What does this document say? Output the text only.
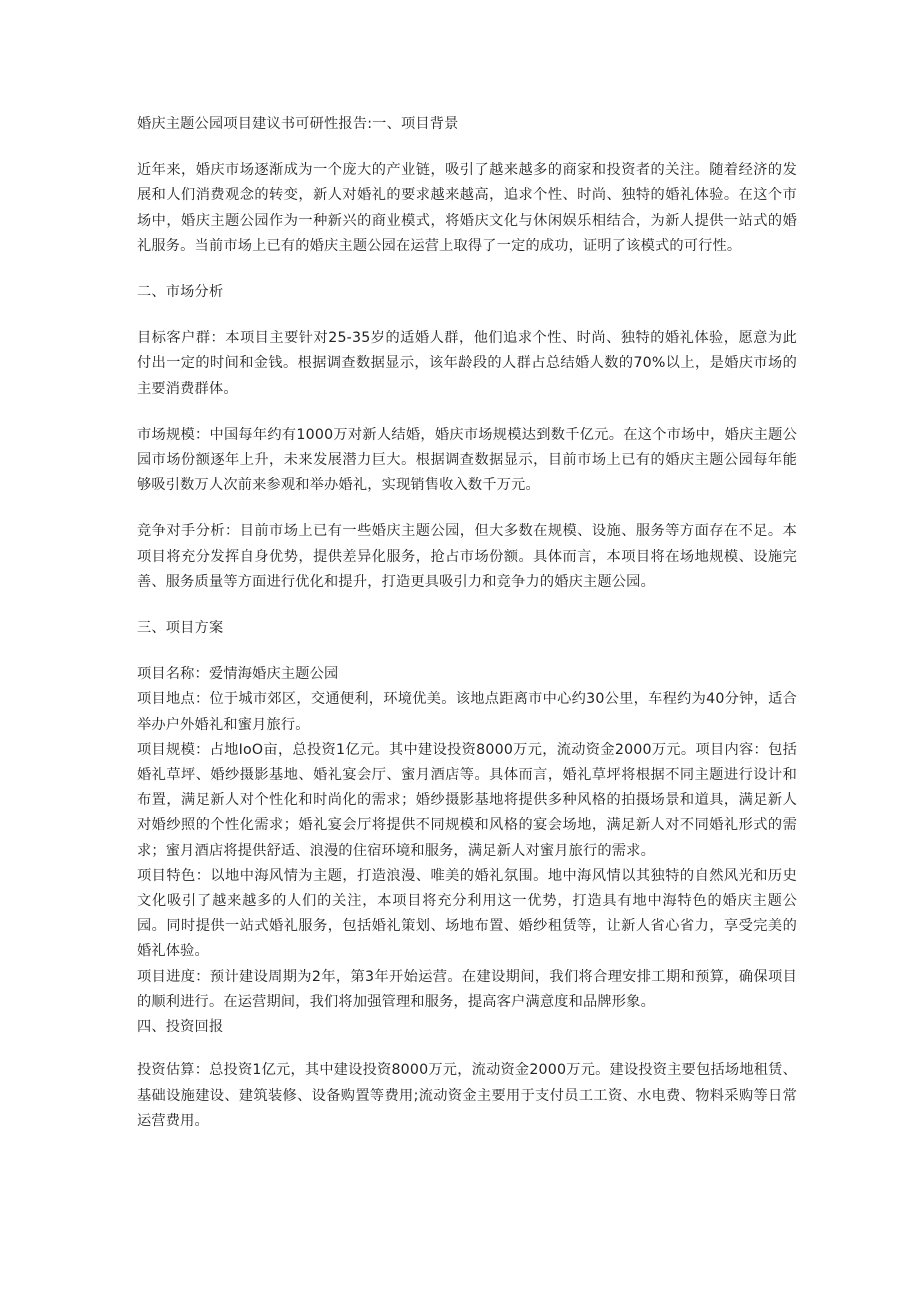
婚庆主题公园项目建议书可研性报告:一、项目背景

近年来，婚庆市场逐渐成为一个庞大的产业链，吸引了越来越多的商家和投资者的关注。随着经济的发展和人们消费观念的转变，新人对婚礼的要求越来越高，追求个性、时尚、独特的婚礼体验。在这个市场中，婚庆主题公园作为一种新兴的商业模式，将婚庆文化与休闲娱乐相结合，为新人提供一站式的婚礼服务。当前市场上已有的婚庆主题公园在运营上取得了一定的成功，证明了该模式的可行性。

二、市场分析

目标客户群：本项目主要针对25-35岁的适婚人群，他们追求个性、时尚、独特的婚礼体验，愿意为此付出一定的时间和金钱。根据调查数据显示，该年龄段的人群占总结婚人数的70%以上，是婚庆市场的主要消费群体。

市场规模：中国每年约有1000万对新人结婚，婚庆市场规模达到数千亿元。在这个市场中，婚庆主题公园市场份额逐年上升，未来发展潜力巨大。根据调查数据显示，目前市场上已有的婚庆主题公园每年能够吸引数万人次前来参观和举办婚礼，实现销售收入数千万元。

竞争对手分析：目前市场上已有一些婚庆主题公园，但大多数在规模、设施、服务等方面存在不足。本项目将充分发挥自身优势，提供差异化服务，抢占市场份额。具体而言，本项目将在场地规模、设施完善、服务质量等方面进行优化和提升，打造更具吸引力和竞争力的婚庆主题公园。

三、项目方案

项目名称：爱情海婚庆主题公园

项目地点：位于城市郊区，交通便利，环境优美。该地点距离市中心约30公里，车程约为40分钟，适合举办户外婚礼和蜜月旅行。

项目规模：占地IoO亩，总投资1亿元。其中建设投资8000万元，流动资金2000万元。项目内容：包括婚礼草坪、婚纱摄影基地、婚礼宴会厅、蜜月酒店等。具体而言，婚礼草坪将根据不同主题进行设计和布置，满足新人对个性化和时尚化的需求；婚纱摄影基地将提供多种风格的拍摄场景和道具，满足新人对婚纱照的个性化需求；婚礼宴会厅将提供不同规模和风格的宴会场地，满足新人对不同婚礼形式的需求；蜜月酒店将提供舒适、浪漫的住宿环境和服务，满足新人对蜜月旅行的需求。

项目特色：以地中海风情为主题，打造浪漫、唯美的婚礼氛围。地中海风情以其独特的自然风光和历史文化吸引了越来越多的人们的关注，本项目将充分利用这一优势，打造具有地中海特色的婚庆主题公园。同时提供一站式婚礼服务，包括婚礼策划、场地布置、婚纱租赁等，让新人省心省力，享受完美的婚礼体验。

项目进度：预计建设周期为2年，第3年开始运营。在建设期间，我们将合理安排工期和预算，确保项目的顺利进行。在运营期间，我们将加强管理和服务，提高客户满意度和品牌形象。

四、投资回报

投资估算：总投资1亿元，其中建设投资8000万元，流动资金2000万元。建设投资主要包括场地租赁、基础设施建设、建筑装修、设备购置等费用;流动资金主要用于支付员工工资、水电费、物料采购等日常运营费用。
